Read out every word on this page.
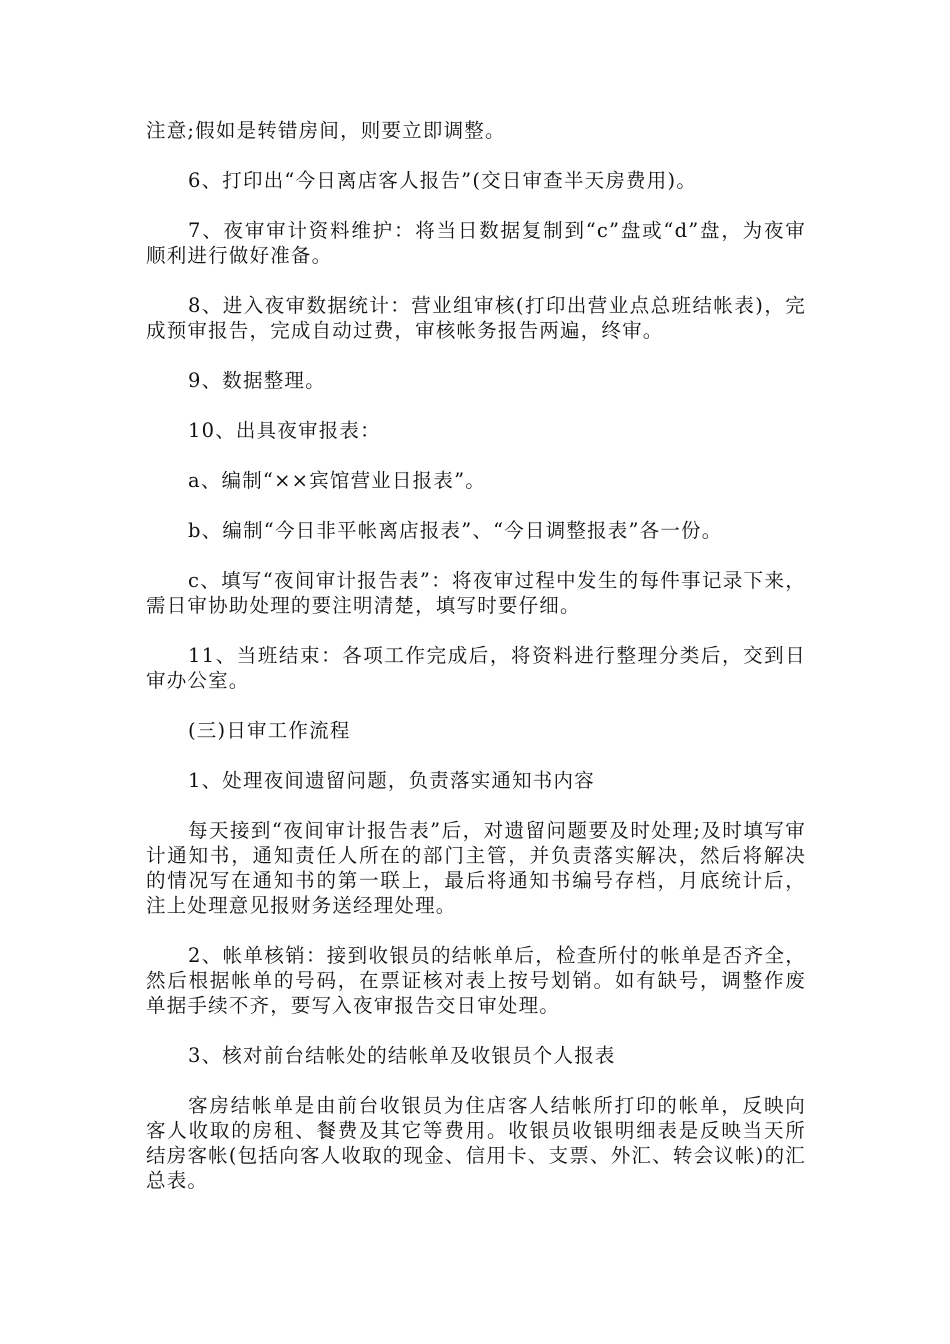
注意;假如是转错房间，则要立即调整。

6、打印出“今日离店客人报告”(交日审查半天房费用)。

7、夜审审计资料维护：将当日数据复制到“c”盘或“d”盘，为夜审顺利进行做好准备。

8、进入夜审数据统计：营业组审核(打印出营业点总班结帐表)，完成预审报告，完成自动过费，审核帐务报告两遍，终审。

9、数据整理。

10、出具夜审报表：

a、编制“××宾馆营业日报表”。

b、编制“今日非平帐离店报表”、“今日调整报表”各一份。

c、填写“夜间审计报告表”：将夜审过程中发生的每件事记录下来，需日审协助处理的要注明清楚，填写时要仔细。

11、当班结束：各项工作完成后，将资料进行整理分类后，交到日审办公室。

(三)日审工作流程

1、处理夜间遗留问题，负责落实通知书内容

每天接到“夜间审计报告表”后，对遗留问题要及时处理;及时填写审计通知书，通知责任人所在的部门主管，并负责落实解决，然后将解决的情况写在通知书的第一联上，最后将通知书编号存档，月底统计后，注上处理意见报财务送经理处理。

2、帐单核销：接到收银员的结帐单后，检查所付的帐单是否齐全，然后根据帐单的号码，在票证核对表上按号划销。如有缺号，调整作废单据手续不齐，要写入夜审报告交日审处理。

3、核对前台结帐处的结帐单及收银员个人报表

客房结帐单是由前台收银员为住店客人结帐所打印的帐单，反映向客人收取的房租、餐费及其它等费用。收银员收银明细表是反映当天所结房客帐(包括向客人收取的现金、信用卡、支票、外汇、转会议帐)的汇总表。
